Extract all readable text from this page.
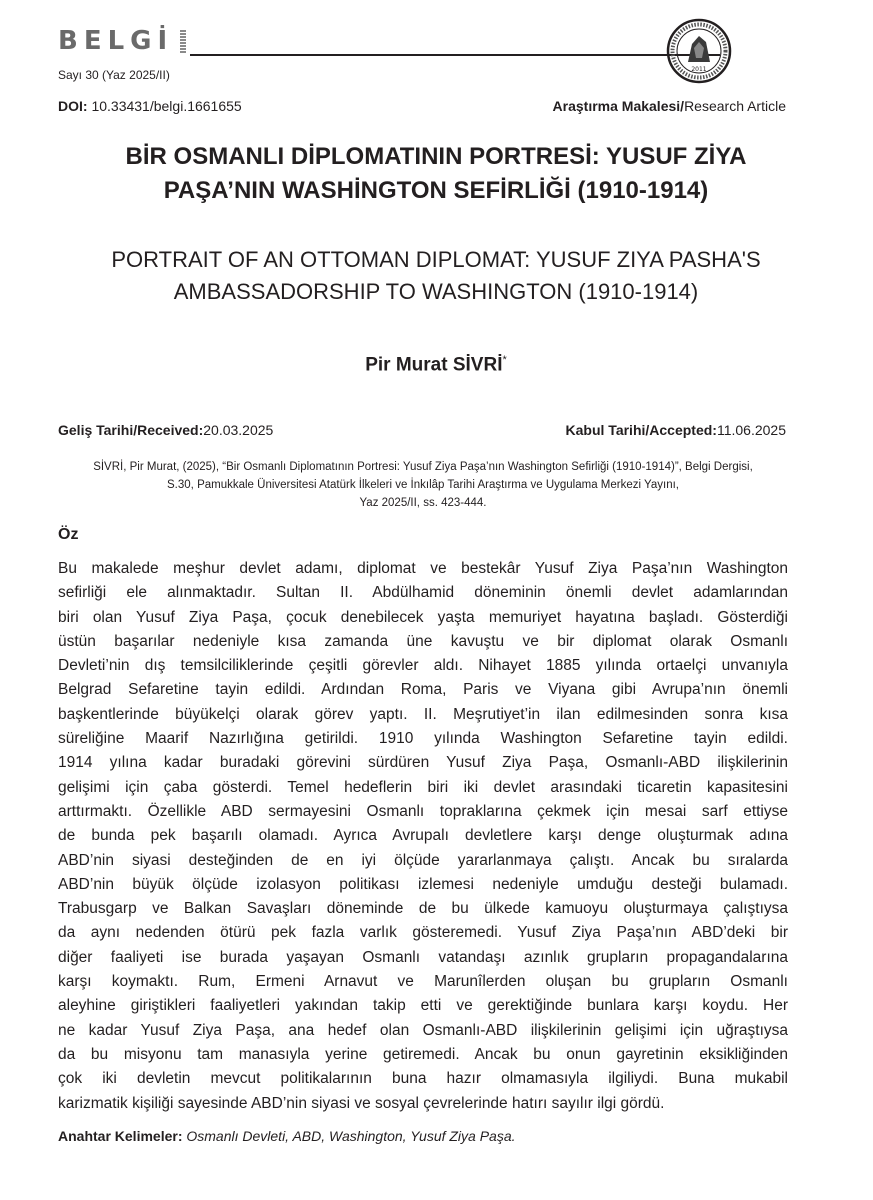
BELGİ
Sayı 30 (Yaz 2025/II)	2011
DOI: 10.33431/belgi.1661655	Araştırma Makalesi/Research Article
BİR OSMANLI DİPLOMATININ PORTRESİ: YUSUF ZİYA
PAŞA’NIN WASHİNGTON SEFİRLİĞİ (1910-1914)
PORTRAIT OF AN OTTOMAN DIPLOMAT: YUSUF ZIYA PASHA'S
AMBASSADORSHIP TO WASHINGTON (1910-1914)
Pir Murat SİVRİ*
Geliş Tarihi/Received:20.03.2025	Kabul Tarihi/Accepted:11.06.2025
SİVRİ, Pir Murat, (2025), “Bir Osmanlı Diplomatının Portresi: Yusuf Ziya Paşa’nın Washington Sefirliği (1910-1914)”, Belgi Dergisi,
S.30, Pamukkale Üniversitesi Atatürk İlkeleri ve İnkılâp Tarihi Araştırma ve Uygulama Merkezi Yayını,
Yaz 2025/II, ss. 423-444.
Öz
Bu makalede meşhur devlet adamı, diplomat ve bestekâr Yusuf Ziya Paşa’nın Washington
sefirliği ele alınmaktadır. Sultan II. Abdülhamid döneminin önemli devlet adamlarından
biri olan Yusuf Ziya Paşa, çocuk denebilecek yaşta memuriyet hayatına başladı. Gösterdiği
üstün başarılar nedeniyle kısa zamanda üne kavuştu ve bir diplomat olarak Osmanlı
Devleti’nin dış temsilciliklerinde çeşitli görevler aldı. Nihayet 1885 yılında ortaelçi unvanıyla
Belgrad Sefaretine tayin edildi. Ardından Roma, Paris ve Viyana gibi Avrupa’nın önemli
başkentlerinde büyükelçi olarak görev yaptı. II. Meşrutiyet’in ilan edilmesinden sonra kısa
süreliğine Maarif Nazırlığına getirildi. 1910 yılında Washington Sefaretine tayin edildi.
1914 yılına kadar buradaki görevini sürdüren Yusuf Ziya Paşa, Osmanlı-ABD ilişkilerinin
gelişimi için çaba gösterdi. Temel hedeflerin biri iki devlet arasındaki ticaretin kapasitesini
arttırmaktı. Özellikle ABD sermayesini Osmanlı topraklarına çekmek için mesai sarf ettiyse
de bunda pek başarılı olamadı. Ayrıca Avrupalı devletlere karşı denge oluşturmak adına
ABD’nin siyasi desteğinden de en iyi ölçüde yararlanmaya çalıştı. Ancak bu sıralarda
ABD’nin büyük ölçüde izolasyon politikası izlemesi nedeniyle umduğu desteği bulamadı.
Trabusgarp ve Balkan Savaşları döneminde de bu ülkede kamuoyu oluşturmaya çalıştıysa
da aynı nedenden ötürü pek fazla varlık gösteremedi. Yusuf Ziya Paşa’nın ABD’deki bir
diğer faaliyeti ise burada yaşayan Osmanlı vatandaşı azınlık grupların propagandalarına
karşı koymaktı. Rum, Ermeni Arnavut ve Marunîlerden oluşan bu grupların Osmanlı
aleyhine giriştikleri faaliyetleri yakından takip etti ve gerektiğinde bunlara karşı koydu. Her
ne kadar Yusuf Ziya Paşa, ana hedef olan Osmanlı-ABD ilişkilerinin gelişimi için uğraştıysa
da bu misyonu tam manasıyla yerine getiremedi. Ancak bu onun gayretinin eksikliğinden
çok iki devletin mevcut politikalarının buna hazır olmamasıyla ilgiliydi. Buna mukabil
karizmatik kişiliği sayesinde ABD’nin siyasi ve sosyal çevrelerinde hatırı sayılır ilgi gördü.
Anahtar Kelimeler: Osmanlı Devleti, ABD, Washington, Yusuf Ziya Paşa.
